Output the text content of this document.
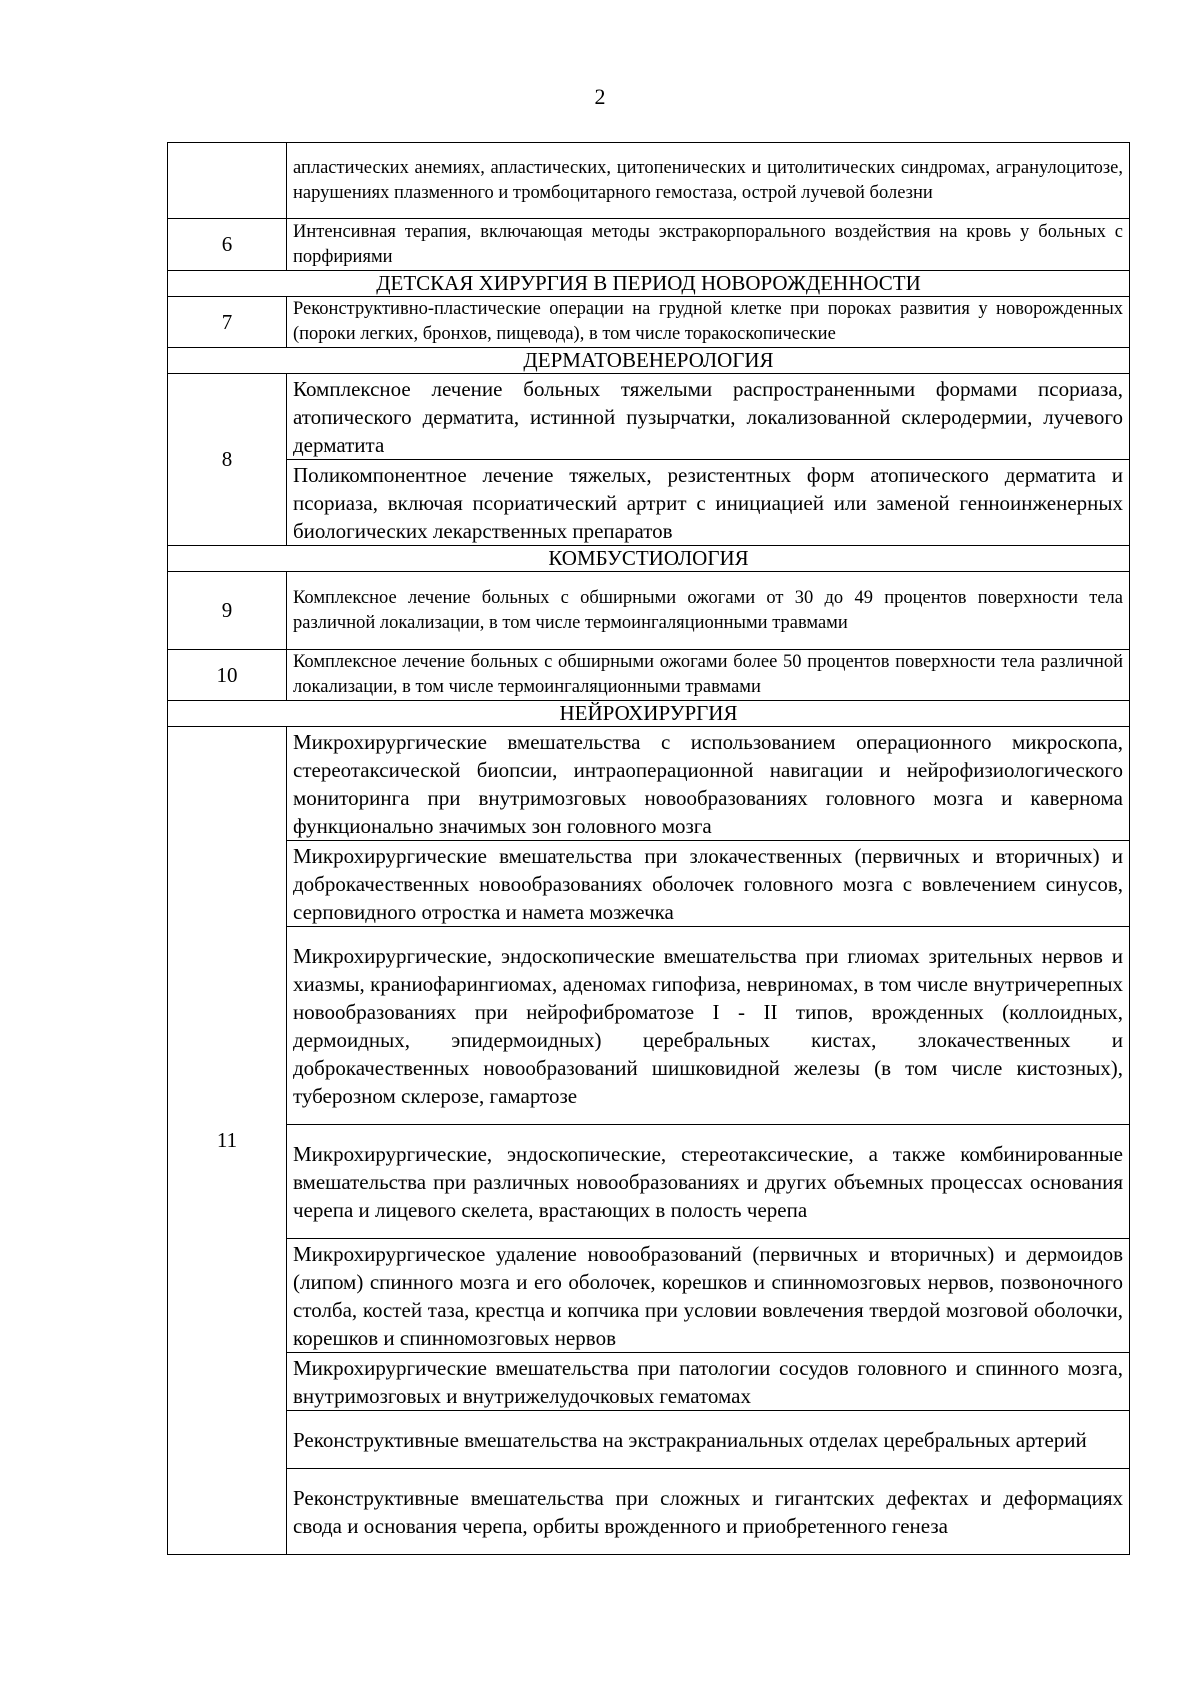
2
	апластических анемиях, апластических, цитопенических и цитолитических синдромах, агранулоцитозе, нарушениях плазменного и тромбоцитарного гемостаза, острой лучевой болезни
6	Интенсивная терапия, включающая методы экстракорпорального воздействия на кровь у больных с порфириями
ДЕТСКАЯ ХИРУРГИЯ В ПЕРИОД НОВОРОЖДЕННОСТИ	
7	Реконструктивно-пластические операции на грудной клетке при пороках развития у новорожденных (пороки легких, бронхов, пищевода), в том числе торакоскопические
ДЕРМАТОВЕНЕРОЛОГИЯ	
8	Комплексное лечение больных тяжелыми распространенными формами псориаза, атопического дерматита, истинной пузырчатки, локализованной склеродермии, лучевого дерматита
	Поликомпонентное лечение тяжелых, резистентных форм атопического дерматита и псориаза, включая псориатический артрит с инициацией или заменой генноинженерных биологических лекарственных препаратов
КОМБУСТИОЛОГИЯ	
9	Комплексное лечение больных с обширными ожогами от 30 до 49 процентов поверхности тела различной локализации, в том числе термоингаляционными травмами
10	Комплексное лечение больных с обширными ожогами более 50 процентов поверхности тела различной локализации, в том числе термоингаляционными травмами
НЕЙРОХИРУРГИЯ	
11	Микрохирургические вмешательства с использованием операционного микроскопа, стереотаксической биопсии, интраоперационной навигации и нейрофизиологического мониторинга при внутримозговых новообразованиях головного мозга и кавернома функционально значимых зон головного мозга
	Микрохирургические вмешательства при злокачественных (первичных и вторичных) и доброкачественных новообразованиях оболочек головного мозга с вовлечением синусов, серповидного отростка и намета мозжечка
	Микрохирургические, эндоскопические вмешательства при глиомах зрительных нервов и хиазмы, краниофарингиомах, аденомах гипофиза, невриномах, в том числе внутричерепных новообразованиях при нейрофиброматозе I - II типов, врожденных (коллоидных, дермоидных, эпидермоидных) церебральных кистах, злокачественных и доброкачественных новообразований шишковидной железы (в том числе кистозных), туберозном склерозе, гамартозе
	Микрохирургические, эндоскопические, стереотаксические, а также комбинированные вмешательства при различных новообразованиях и других объемных процессах основания черепа и лицевого скелета, врастающих в полость черепа
	Микрохирургическое удаление новообразований (первичных и вторичных) и дермоидов (липом) спинного мозга и его оболочек, корешков и спинномозговых нервов, позвоночного столба, костей таза, крестца и копчика при условии вовлечения твердой мозговой оболочки, корешков и спинномозговых нервов
	Микрохирургические вмешательства при патологии сосудов головного и спинного мозга, внутримозговых и внутрижелудочковых гематомах
	Реконструктивные вмешательства на экстракраниальных отделах церебральных артерий
	Реконструктивные вмешательства при сложных и гигантских дефектах и деформациях свода и основания черепа, орбиты врожденного и приобретенного генеза
